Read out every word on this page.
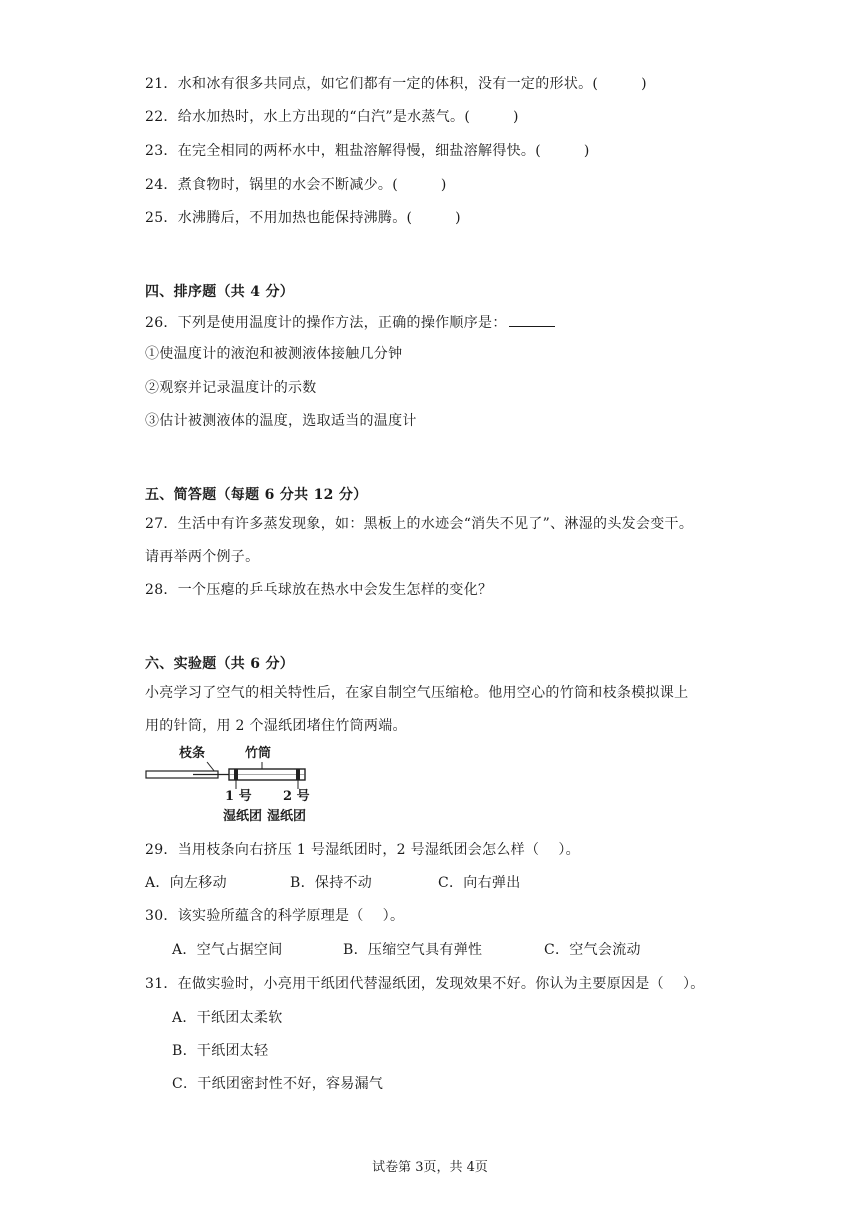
21．水和冰有很多共同点，如它们都有一定的体积，没有一定的形状。(　　　)
22．给水加热时，水上方出现的“白汽”是水蒸气。(　　　)
23．在完全相同的两杯水中，粗盐溶解得慢，细盐溶解得快。(　　　)
24．煮食物时，锅里的水会不断减少。(　　　)
25．水沸腾后，不用加热也能保持沸腾。(　　　)
四、排序题（共 4 分）
26．下列是使用温度计的操作方法，正确的操作顺序是：
①使温度计的液泡和被测液体接触几分钟
②观察并记录温度计的示数
③估计被测液体的温度，选取适当的温度计
五、简答题（每题 6 分共 12 分）
27．生活中有许多蒸发现象，如：黑板上的水迹会“消失不见了”、淋湿的头发会变干。
请再举两个例子。
28．一个压瘪的乒乓球放在热水中会发生怎样的变化？
六、实验题（共 6 分）
小亮学习了空气的相关特性后，在家自制空气压缩枪。他用空心的竹筒和枝条模拟课上
用的针筒，用 2 个湿纸团堵住竹筒两端。
枝条	竹筒
1 号 2 号
湿纸团 湿纸团
29．当用枝条向右挤压 1 号湿纸团时，2 号湿纸团会怎么样（　 ）。
A．向左移动	B．保持不动	C．向右弹出
30．该实验所蕴含的科学原理是（　 ）。
A．空气占据空间	B．压缩空气具有弹性	C．空气会流动
31．在做实验时，小亮用干纸团代替湿纸团，发现效果不好。你认为主要原因是（　 ）。
A．干纸团太柔软
B．干纸团太轻
C．干纸团密封性不好，容易漏气
试卷第 3页，共 4页
